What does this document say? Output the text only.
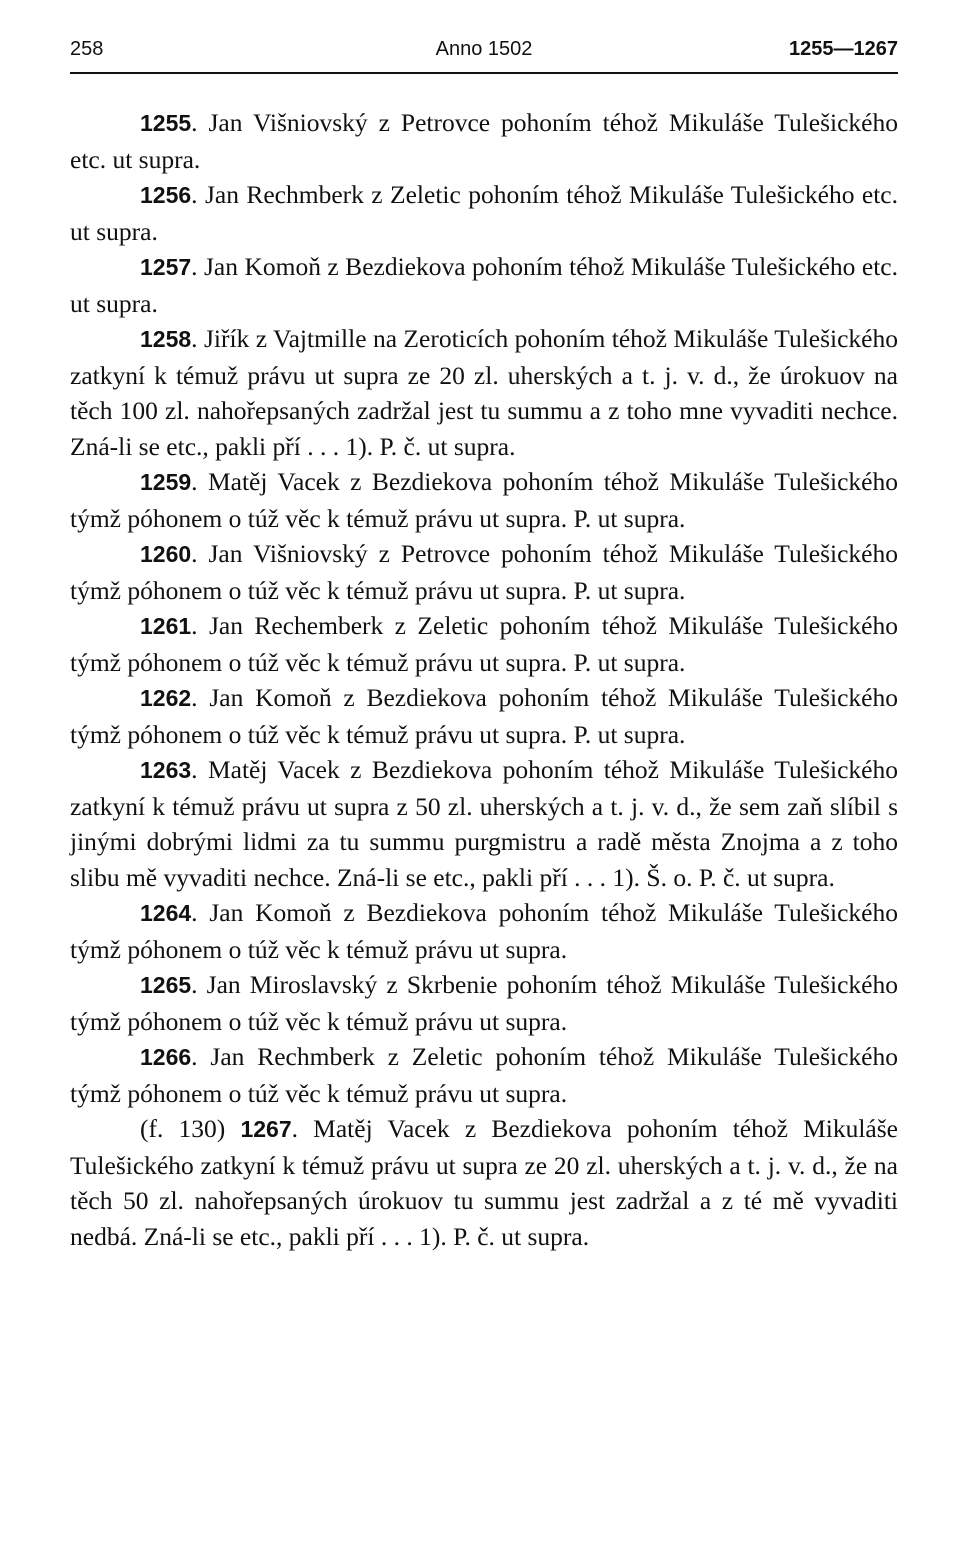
258	Anno 1502	1255—1267

1255. Jan Višniovský z Petrovce pohoním téhož Mikuláše Tulešického etc. ut supra.

1256. Jan Rechmberk z Zeletic pohoním téhož Mikuláše Tulešického etc. ut supra.

1257. Jan Komoň z Bezdiekova pohoním téhož Mikuláše Tulešického etc. ut supra.

1258. Jiřík z Vajtmille na Zeroticích pohoním téhož Mikuláše Tulešického zatkyní k témuž právu ut supra ze 20 zl. uherských a t. j. v. d., že úrokuov na těch 100 zl. nahořepsaných zadržal jest tu summu a z toho mne vyvaditi nechce. Zná-li se etc., pakli pří . . . 1). P. č. ut supra.

1259. Matěj Vacek z Bezdiekova pohoním téhož Mikuláše Tulešického týmž póhonem o túž věc k témuž právu ut supra. P. ut supra.

1260. Jan Višniovský z Petrovce pohoním téhož Mikuláše Tulešického týmž póhonem o túž věc k témuž právu ut supra. P. ut supra.

1261. Jan Rechemberk z Zeletic pohoním téhož Mikuláše Tulešického týmž póhonem o túž věc k témuž právu ut supra. P. ut supra.

1262. Jan Komoň z Bezdiekova pohoním téhož Mikuláše Tulešického týmž póhonem o túž věc k témuž právu ut supra. P. ut supra.

1263. Matěj Vacek z Bezdiekova pohoním téhož Mikuláše Tulešického zatkyní k témuž právu ut supra z 50 zl. uherských a t. j. v. d., že sem zaň slíbil s jinými dobrými lidmi za tu summu purgmistru a radě města Znojma a z toho slibu mě vyvaditi nechce. Zná-li se etc., pakli pří . . . 1). Š. o. P. č. ut supra.

1264. Jan Komoň z Bezdiekova pohoním téhož Mikuláše Tulešického týmž póhonem o túž věc k témuž právu ut supra.

1265. Jan Miroslavský z Skrbenie pohoním téhož Mikuláše Tulešického týmž póhonem o túž věc k témuž právu ut supra.

1266. Jan Rechmberk z Zeletic pohoním téhož Mikuláše Tulešického týmž póhonem o túž věc k témuž právu ut supra.

(f. 130) 1267. Matěj Vacek z Bezdiekova pohoním téhož Mikuláše Tulešického zatkyní k témuž právu ut supra ze 20 zl. uherských a t. j. v. d., že na těch 50 zl. nahořepsaných úrokuov tu summu jest zadržal a z té mě vyvaditi nedbá. Zná-li se etc., pakli pří . . . 1). P. č. ut supra.
